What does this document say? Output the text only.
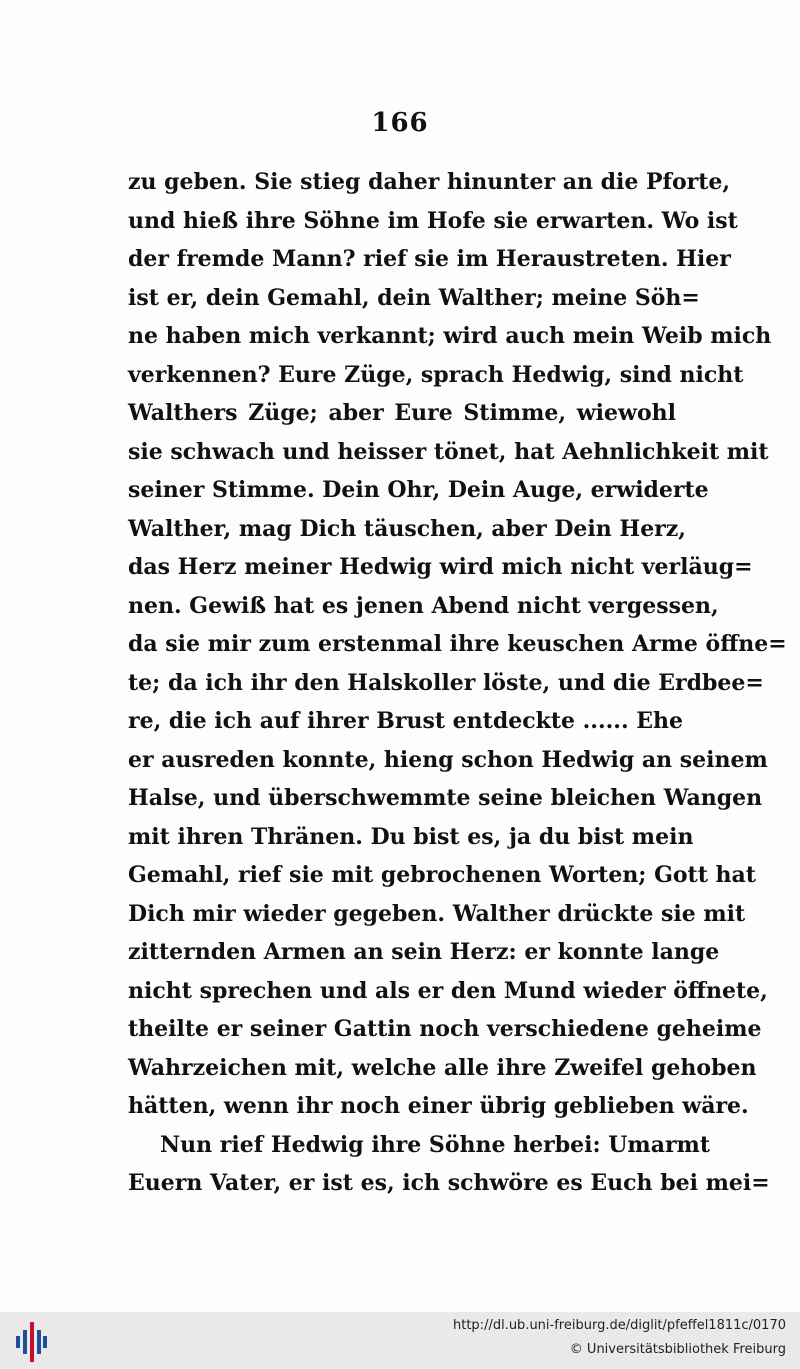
166
zu geben. Sie stieg daher hinunter an die Pforte,
und hieß ihre Söhne im Hofe sie erwarten. Wo ist
der fremde Mann? rief sie im Heraustreten. Hier
ist er, dein Gemahl, dein Walther; meine Söh=
ne haben mich verkannt; wird auch mein Weib mich
verkennen? Eure Züge, sprach Hedwig, sind nicht
Walthers Züge; aber Eure Stimme, wiewohl
sie schwach und heisser tönet, hat Aehnlichkeit mit
seiner Stimme. Dein Ohr, Dein Auge, erwiderte
Walther, mag Dich täuschen, aber Dein Herz,
das Herz meiner Hedwig wird mich nicht verläug=
nen. Gewiß hat es jenen Abend nicht vergessen,
da sie mir zum erstenmal ihre keuschen Arme öffne=
te; da ich ihr den Halskoller löste, und die Erdbee=
re, die ich auf ihrer Brust entdeckte ...... Ehe
er ausreden konnte, hieng schon Hedwig an seinem
Halse, und überschwemmte seine bleichen Wangen
mit ihren Thränen. Du bist es, ja du bist mein
Gemahl, rief sie mit gebrochenen Worten; Gott hat
Dich mir wieder gegeben. Walther drückte sie mit
zitternden Armen an sein Herz: er konnte lange
nicht sprechen und als er den Mund wieder öffnete,
theilte er seiner Gattin noch verschiedene geheime
Wahrzeichen mit, welche alle ihre Zweifel gehoben
hätten, wenn ihr noch einer übrig geblieben wäre.
Nun rief Hedwig ihre Söhne herbei: Umarmt
Euern Vater, er ist es, ich schwöre es Euch bei mei=
http://dl.ub.uni-freiburg.de/diglit/pfeffel1811c/0170
© Universitätsbibliothek Freiburg
